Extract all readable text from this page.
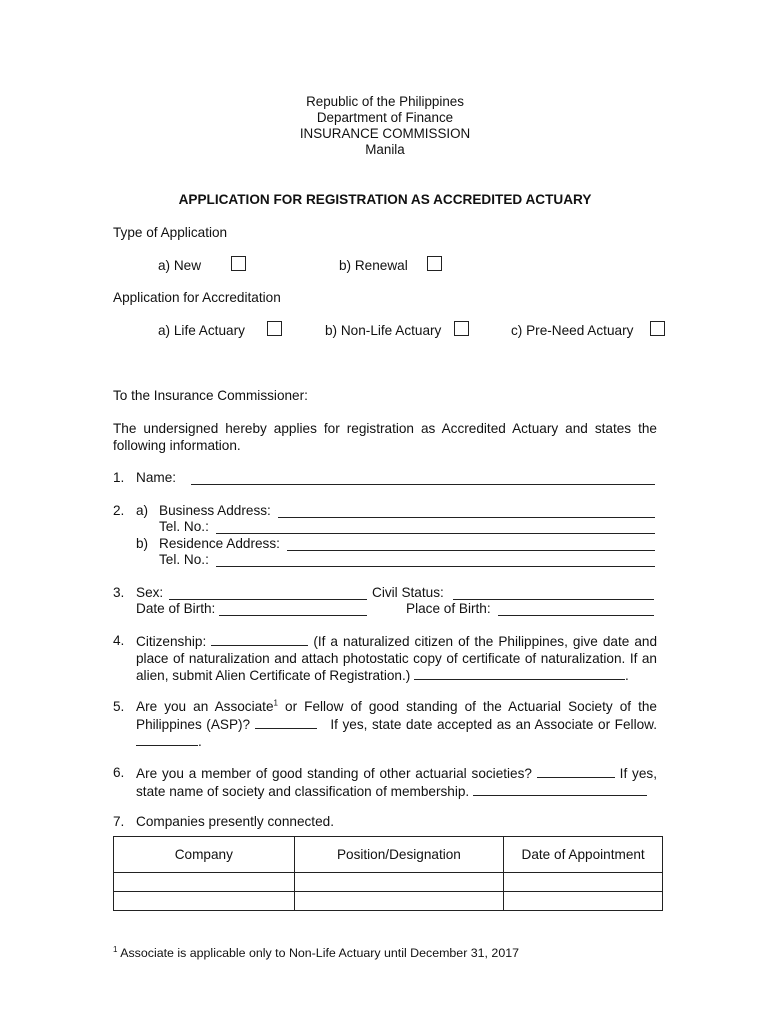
Republic of the Philippines
Department of Finance
INSURANCE COMMISSION
Manila
APPLICATION FOR REGISTRATION AS ACCREDITED ACTUARY
Type of Application
a) New	b) Renewal
Application for Accreditation
a) Life Actuary	b) Non-Life Actuary	c) Pre-Need Actuary
To the Insurance Commissioner:
The undersigned hereby applies for registration as Accredited Actuary and states the following information.
1. Name:
2. a) Business Address:
Tel. No.:
b) Residence Address:
Tel. No.:
3. Sex:	Civil Status:
Date of Birth:	Place of Birth:
4. Citizenship:	(If a naturalized citizen of the Philippines, give date and place of naturalization and attach photostatic copy of certificate of naturalization. If an alien, submit Alien Certificate of Registration.)	.
5. Are you an Associate$^1$ or Fellow of good standing of the Actuarial Society of the Philippines (ASP)?	If yes, state date accepted as an Associate or Fellow. .
6. Are you a member of good standing of other actuarial societies?	If yes, state name of society and classification of membership.
7. Companies presently connected.
Company	Position/Designation	Date of Appointment

$^1$ Associate is applicable only to Non-Life Actuary until December 31, 2017
